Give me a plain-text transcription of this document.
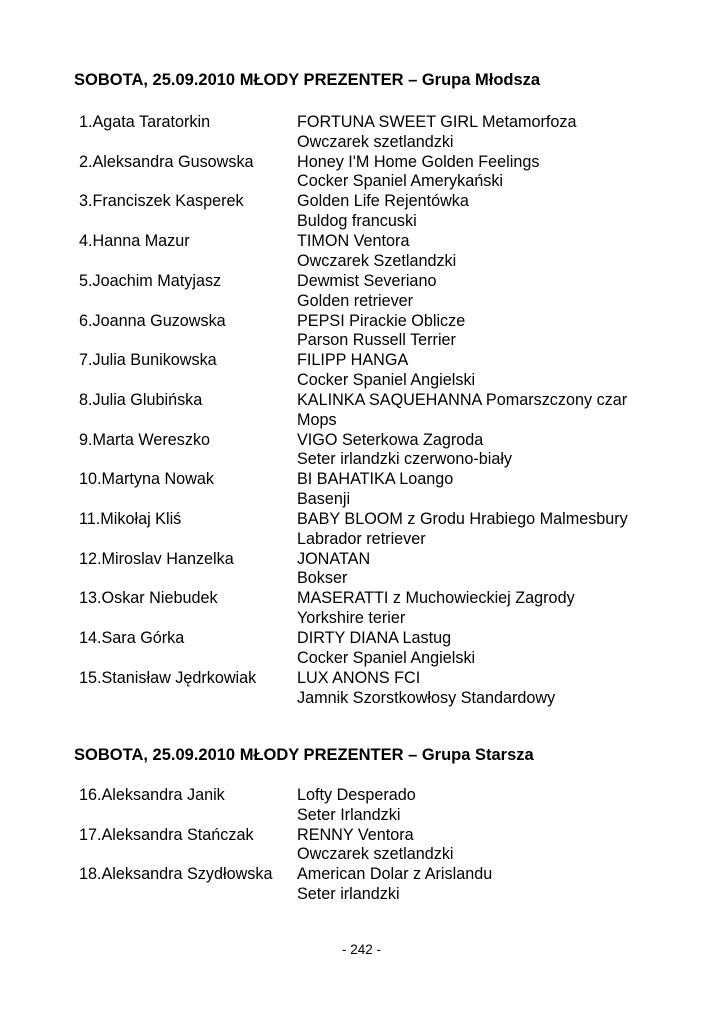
SOBOTA, 25.09.2010 MŁODY PREZENTER – Grupa Młodsza
1.Agata Taratorkin	FORTUNA SWEET GIRL Metamorfoza
Owczarek szetlandzki
2.Aleksandra Gusowska	Honey I'M Home Golden Feelings
Cocker Spaniel Amerykański
3.Franciszek Kasperek	Golden Life Rejentówka
Buldog francuski
4.Hanna Mazur	TIMON Ventora
Owczarek Szetlandzki
5.Joachim Matyjasz	Dewmist Severiano
Golden retriever
6.Joanna Guzowska	PEPSI Pirackie Oblicze
Parson Russell Terrier
7.Julia Bunikowska	FILIPP HANGA
Cocker Spaniel Angielski
8.Julia Glubińska	KALINKA SAQUEHANNA Pomarszczony czar
Mops
9.Marta Wereszko	VIGO Seterkowa Zagroda
Seter irlandzki czerwono-biały
10.Martyna Nowak	BI BAHATIKA Loango
Basenji
11.Mikołaj Kliś	BABY BLOOM z Grodu Hrabiego Malmesbury
Labrador retriever
12.Miroslav Hanzelka	JONATAN
Bokser
13.Oskar Niebudek	MASERATTI z Muchowieckiej Zagrody
Yorkshire terier
14.Sara Górka	DIRTY DIANA Lastug
Cocker Spaniel Angielski
15.Stanisław Jędrkowiak	LUX ANONS FCI
Jamnik Szorstkowłosy Standardowy
SOBOTA, 25.09.2010 MŁODY PREZENTER – Grupa Starsza
16.Aleksandra Janik	Lofty Desperado
Seter Irlandzki
17.Aleksandra Stańczak	RENNY Ventora
Owczarek szetlandzki
18.Aleksandra Szydłowska American Dolar z Arislandu
Seter irlandzki
- 242 -
